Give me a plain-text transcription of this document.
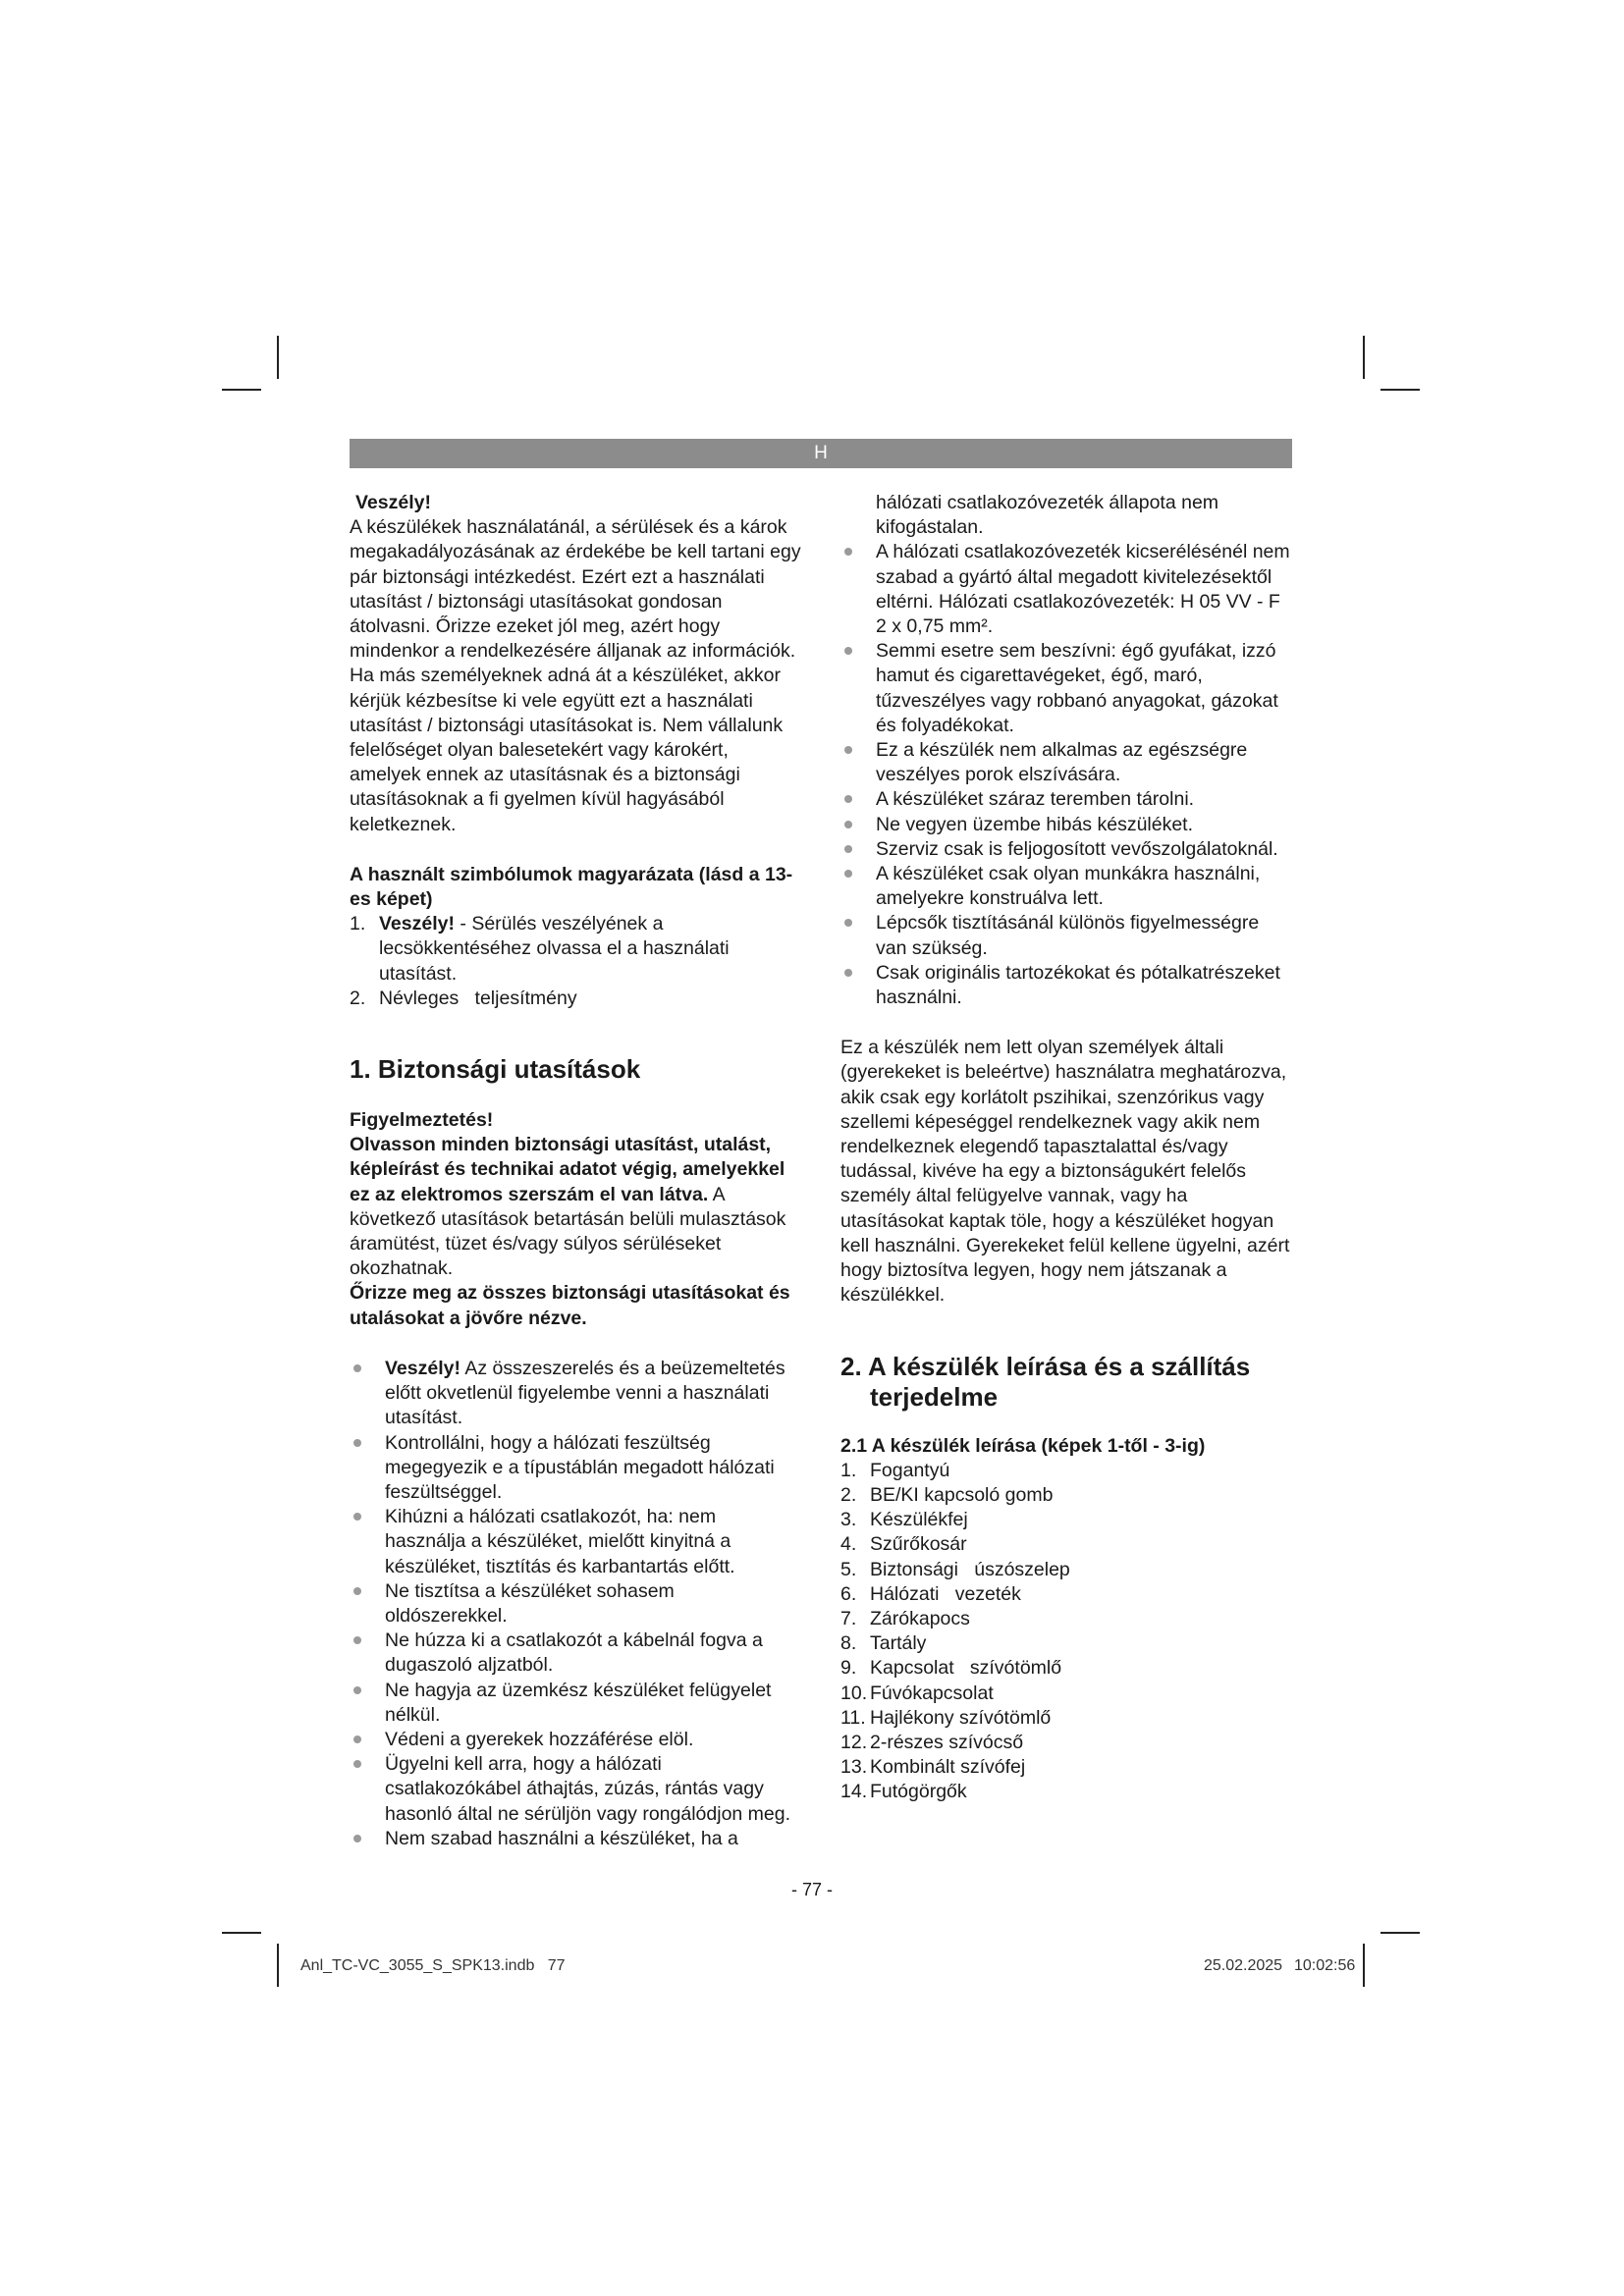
H

Veszély!

A készülékek használatánál, a sérülések és a károk megakadályozásának az érdekébe be kell tartani egy pár biztonsági intézkedést. Ezért ezt a használati utasítást / biztonsági utasításokat gondosan átolvasni. Őrizze ezeket jól meg, azért hogy mindenkor a rendelkezésére álljanak az információk. Ha más személyeknek adná át a készüléket, akkor kérjük kézbesítse ki vele együtt ezt a használati utasítást / biztonsági utasításokat is. Nem vállalunk felelőséget olyan balesetekért vagy károkért, amelyek ennek az utasításnak és a biztonsági utasításoknak a fi gyelmen kívül hagyásából keletkeznek.

A használt szimbólumok magyarázata (lásd a 13-es képet)

1. Veszély! - Sérülés veszélyének a lecsökkentéséhez olvassa el a használati utasítást.
2. Névleges   teljesítmény
1. Biztonsági utasítások

Figyelmeztetés!

Olvasson minden biztonsági utasítást, utalást, képleírást és technikai adatot végig, amelyekkel ez az elektromos szerszám el van látva. A következő utasítások betartásán belüli mulasztások áramütést, tüzet és/vagy súlyos sérüléseket okozhatnak.

Őrizze meg az összes biztonsági utasításokat és utalásokat a jövőre nézve.

Veszély! Az összeszerelés és a beüzemeltetés előtt okvetlenül figyelembe venni a használati utasítást.
Kontrollálni, hogy a hálózati feszültség megegyezik e a típustáblán megadott hálózati feszültséggel.
Kihúzni a hálózati csatlakozót, ha: nem használja a készüléket, mielőtt kinyitná a készüléket, tisztítás és karbantartás előtt.
Ne tisztítsa a készüléket sohasem oldószerekkel.
Ne húzza ki a csatlakozót a kábelnál fogva a dugaszoló aljzatból.
Ne hagyja az üzemkész készüléket felügyelet nélkül.
Védeni a gyerekek hozzáférése elöl.
Ügyelni kell arra, hogy a hálózati csatlakozókábel áthajtás, zúzás, rántás vagy hasonló által ne sérüljön vagy rongálódjon meg.
Nem szabad használni a készüléket, ha a

hálózati csatlakozóvezeték állapota nem kifogástalan.

A hálózati csatlakozóvezeték kicserélésénél nem szabad a gyártó által megadott kivitelezésektől eltérni. Hálózati csatlakozóvezeték: H 05 VV - F 2 x 0,75 mm².
Semmi esetre sem beszívni: égő gyufákat, izzó hamut és cigarettavégeket, égő, maró, tűzveszélyes vagy robbanó anyagokat, gázokat és folyadékokat.
Ez a készülék nem alkalmas az egészségre veszélyes porok elszívására.
A készüléket száraz teremben tárolni.
Ne vegyen üzembe hibás készüléket.
Szerviz csak is feljogosított vevőszolgálatoknál.
A készüléket csak olyan munkákra használni, amelyekre konstruálva lett.
Lépcsők tisztításánál különös figyelmességre van szükség.
Csak originális tartozékokat és pótalkatrészeket használni.

Ez a készülék nem lett olyan személyek általi (gyerekeket is beleértve) használatra meghatározva, akik csak egy korlátolt pszihikai, szenzórikus vagy szellemi képeséggel rendelkeznek vagy akik nem rendelkeznek elegendő tapasztalattal és/vagy tudással, kivéve ha egy a biztonságukért felelős személy által felügyelve vannak, vagy ha utasításokat kaptak töle, hogy a készüléket hogyan kell használni. Gyerekeket felül kellene ügyelni, azért hogy biztosítva legyen, hogy nem játszanak a készülékkel.

2. A készülék leírása és a szállítás
terjedelme

2.1 A készülék leírása (képek 1-től - 3-ig)

1. Fogantyú
2. BE/KI kapcsoló gomb
3. Készülékfej
4. Szűrőkosár
5. Biztonsági   úszószelep
6. Hálózati   vezeték
7. Zárókapocs
8. Tartály
9. Kapcsolat   szívótömlő
10. Fúvókapcsolat
11. Hajlékony szívótömlő
12. 2-részes szívócső
13. Kombinált szívófej
14. Futógörgők
- 77 -
Anl_TC-VC_3055_S_SPK13.indb   77	25.02.2025 10:02:56
